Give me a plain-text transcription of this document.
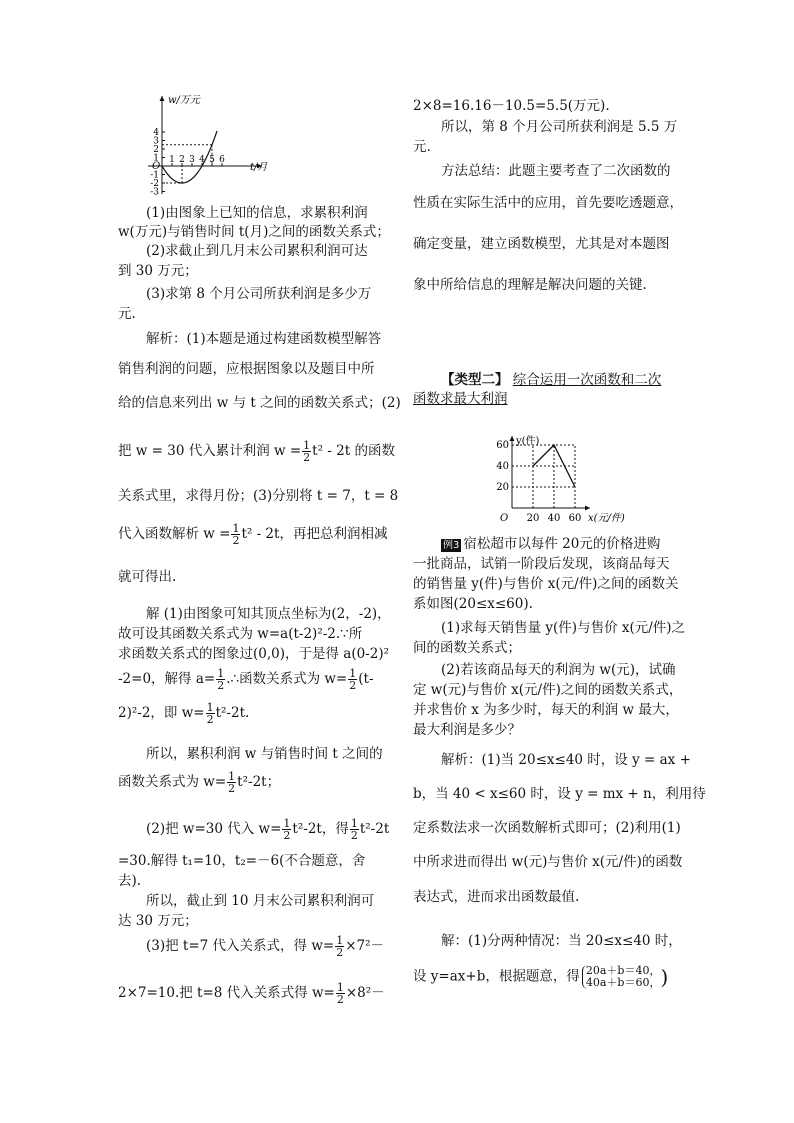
w/万元
t/月
O
4
3
2
1
-1
-2
-3
1 2 3 4 5 6
(1)由图象上已知的信息，求累积利润
w(万元)与销售时间 t(月)之间的函数关系式；
(2)求截止到几月末公司累积利润可达
到 30 万元；
(3)求第 8 个月公司所获利润是多少万
元.
解析：(1)本题是通过构建函数模型解答
销售利润的问题，应根据图象以及题目中所
给的信息来列出 w 与 t 之间的函数关系式；(2)
把 w = 30 代入累计利润 $w = \frac{1}{2} t^2 - 2t$ 的函数
关系式里，求得月份；(3)分别将 t = 7，t = 8
代入函数解析 $w = \frac{1}{2} t^2 - 2t$，再把总利润相减
就可得出.
解 (1)由图象可知其顶点坐标为(2，-2)，
故可设其函数关系式为 w=a(t-2)²-2.∵所
求函数关系式的图象过(0,0)，于是得 a(0-2)²
-2=0，解得 $a= \frac{1}{2}$ .∴函数关系式为 $w= \frac{1}{2} (t-$
2)²-2，即 $w= \frac{1}{2} t^2-2t$.
所以，累积利润 w 与销售时间 t 之间的
函数关系式为 $w= \frac{1}{2} t^2-2t$；
(2)把 w=30 代入 $w= \frac{1}{2} t^2-2t$，得 $\frac{1}{2} t^2-2t$
=30.解得 t₁=10，t₂=－6(不合题意，舍
去).
所以，截止到 10 月末公司累积利润可
达 30 万元；
(3)把 t=7 代入关系式，得 $w= \frac{1}{2} \times 7^2-$
2×7=10.把 t=8 代入关系式得 $w= \frac{1}{2} \times 8^2-$
2×8=16.16－10.5=5.5(万元).
所以，第 8 个月公司所获利润是 5.5 万
元.
方法总结：此题主要考查了二次函数的
性质在实际生活中的应用，首先要吃透题意，
确定变量，建立函数模型，尤其是对本题图
象中所给信息的理解是解决问题的关键.
【类型二】 综合运用一次函数和二次
函数求最大利润
y(件)
x(元/件)
O
60
40
20
20 40 60
例3 宿松超市以每件 20元的价格进购
一批商品，试销一阶段后发现，该商品每天
的销售量 y(件)与售价 x(元/件)之间的函数关
系如图(20≤x≤60).
(1)求每天销售量 y(件)与售价 x(元/件)之
间的函数关系式；
(2)若该商品每天的利润为 w(元)，试确
定 w(元)与售价 x(元/件)之间的函数关系式，
并求售价 x 为多少时，每天的利润 w 最大，
最大利润是多少？
解析：(1)当 20≤x≤40 时，设 y = ax +
b，当 40 < x≤60 时，设 y = mx + n，利用待
定系数法求一次函数解析式即可；(2)利用(1)
中所求进而得出 w(元)与售价 x(元/件)的函数
表达式，进而求出函数最值.
解：(1)分两种情况：当 20≤x≤40 时，
设 y=ax+b，根据题意，得 20a＋b＝40，
40a＋b＝60， )
